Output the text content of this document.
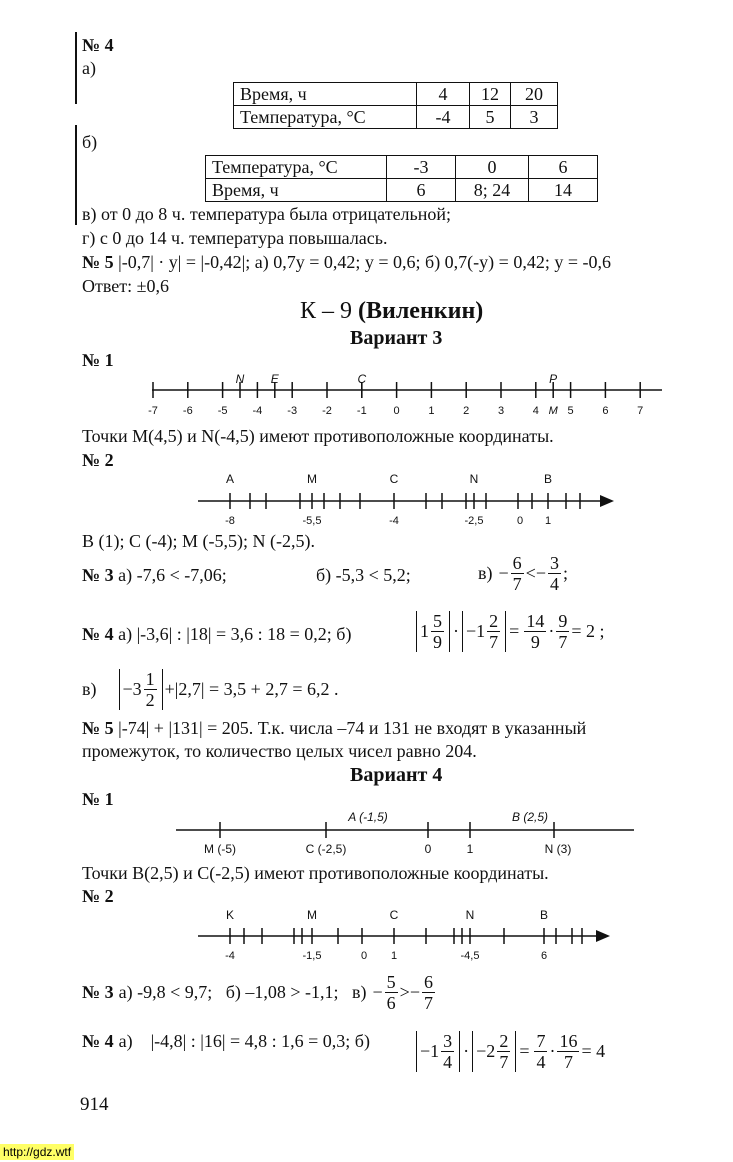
№ 4
а)
Время, ч	4	12	20
Температура, °С	-4	5	3
б)
Температура, °С	-3	0	6
Время, ч	6	8; 24	14
в) от 0 до 8 ч. температура была отрицательной;
г) с 0 до 14 ч. температура повышалась.
№ 5 |-0,7| · y| = |-0,42|; а) 0,7y = 0,42; y = 0,6; б) 0,7(-y) = 0,42; y = -0,6
Ответ: ±0,6
К – 9 (Виленкин)
Вариант 3
№ 1
N E	C	P
-7 -6 -5 -4 -3 -2 -1 0	1	2	3	4 M 5	6	7
Точки M(4,5) и N(-4,5) имеют противоположные координаты.
№ 2
A	M	C	N	B
-8	-5,5	-4	-2,5	0 1
B (1); C (-4); M (-5,5); N (-2,5).
№ 3 а) -7,6 < -7,06;	б) -5,3 < 5,2;	$в) - \frac{6}{7}$ < − $\frac{3}{4}$ ;
№ 4 а) |-3,6| : |18| = 3,6 : 18 = 0,2; б)	$1 \frac{5}{9} \cdot -1 \frac{2}{7} = \frac{14}{9} \cdot \frac{9}{7} = 2$ ;
$в) -3 \frac{1}{2} +|2,7| = 3,5 + 2,7 = 6,2$ .
№ 5 |-74| + |131| = 205. Т.к. числа –74 и 131 не входят в указанный
промежуток, то количество целых чисел равно 204.
Вариант 4
№ 1
A (-1,5)	B (2,5)
M (-5)	C (-2,5)	0	1	N (3)
Точки B(2,5) и C(-2,5) имеют противоположные координаты.
№ 2
K	M	C	N	B
-4	-1,5	0 1	-4,5	6
№ 3 а) -9,8 < 9,7;   б) –1,08 > -1,1;   $в) - \frac{5}{6}$ > − $\frac{6}{7}$
№ 4 а)    |-4,8| : |16| = 4,8 : 1,6 = 0,3; б)	$-1 \frac{3}{4} \cdot -2 \frac{2}{7} = \frac{7}{4} \cdot \frac{16}{7} = 4$
914
http://gdz.wtf
